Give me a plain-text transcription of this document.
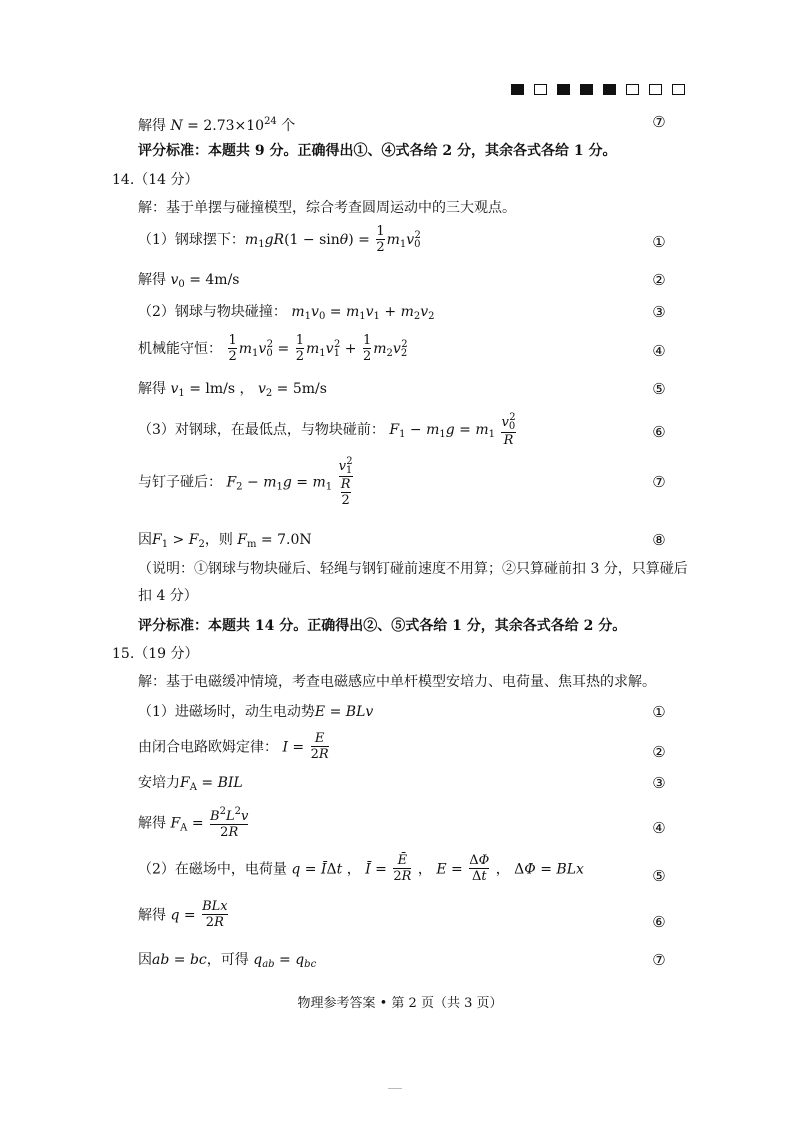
解得 $N = 2.73\times 10^{24}$ 个	⑦
评分标准：本题共 9 分。正确得出①、④式各给 2 分，其余各式各给 1 分。
14.（14 分）
解：基于单摆与碰撞模型，综合考查圆周运动中的三大观点。
（1）钢球摆下：$m_1gR(1 - \sin\theta) = \frac{1}{2} m_1v_0^2$	①
解得 $v_0 = 4m/s$	②
（2）钢球与物块碰撞： $m_1v_0 = m_1v_1 + m_2v_2$	③
机械能守恒： $\frac{1}{2} m_1v_0^2 = \frac{1}{2} m_1v_1^2 + \frac{1}{2} m_2v_2^2$	④
解得 $v_1 = lm/s$ ， $v_2 = 5m/s$	⑤
（3）对钢球，在最低点，与物块碰前： $F_1 - m_1g = m_1 \frac{v_0^2}{R}$	⑥
与钉子碰后： $F_2 - m_1g = m_1 \frac{v_1^2}{\frac{R}{2}}$	⑦
因$F_1 > F_2$，则 $F_m = 7.0N$	⑧
（说明：①钢球与物块碰后、轻绳与钢钉碰前速度不用算；②只算碰前扣 3 分，只算碰后
扣 4 分）
评分标准：本题共 14 分。正确得出②、⑤式各给 1 分，其余各式各给 2 分。
15.（19 分）
解：基于电磁缓冲情境，考查电磁感应中单杆模型安培力、电荷量、焦耳热的求解。
（1）进磁场时，动生电动势E = BLv	①
由闭合电路欧姆定律： $I = \frac{E}{2R}$	②
安培力$F_A$ = BIL	③
解得 $F_A = \frac{B^2L^2v}{2R}$	④
（2）在磁场中，电荷量 q = ĪΔt ， Ī = $\frac{Ē}{2R}$ ， $E = \frac{\Delta\Phi}{\Delta t}$ ， ΔΦ = BLx	⑤
解得 $q = \frac{\text{BLx}}{2R}$	⑥
因ab = bc，可得 $q_{ab} = q_{bc}$	⑦
物理参考答案 • 第 2 页（共 3 页）
